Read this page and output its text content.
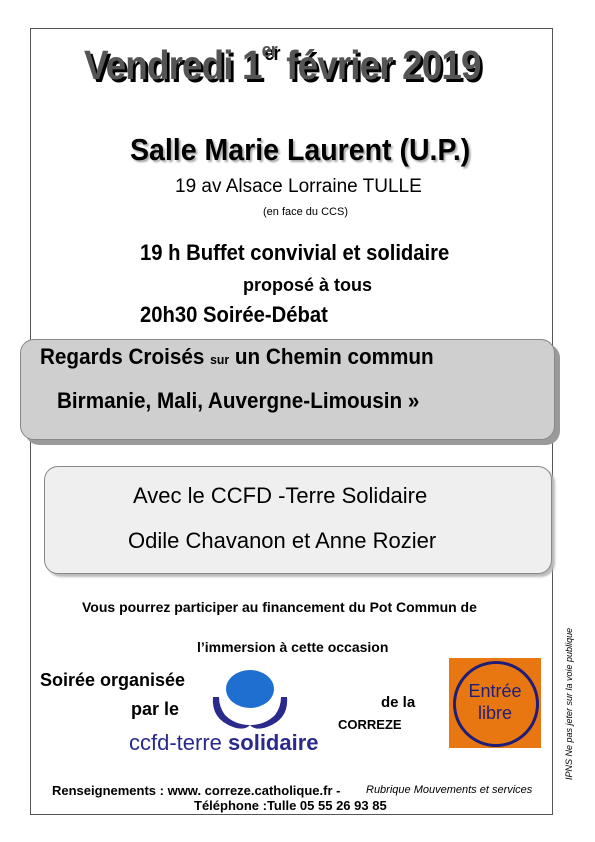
Vendredi 1er février 2019
Salle Marie Laurent (U.P.)
19 av Alsace Lorraine TULLE
(en face du CCS)
19 h Buffet convivial et solidaire
proposé à tous
20h30 Soirée-Débat
Regards Croisés sur un Chemin commun
Birmanie, Mali, Auvergne-Limousin »
Avec le CCFD -Terre Solidaire
Odile Chavanon et Anne Rozier
Vous pourrez participer au financement du Pot Commun de
l’immersion à cette occasion
Soirée organisée
par le
ccfd-terre solidaire
de la
CORREZE
Entrée
libre
Renseignements : www. correze.catholique.fr - Rubrique Mouvements et services
Téléphone :Tulle 05 55 26 93 85
IPNS Ne pas jeter sur la voie publique
